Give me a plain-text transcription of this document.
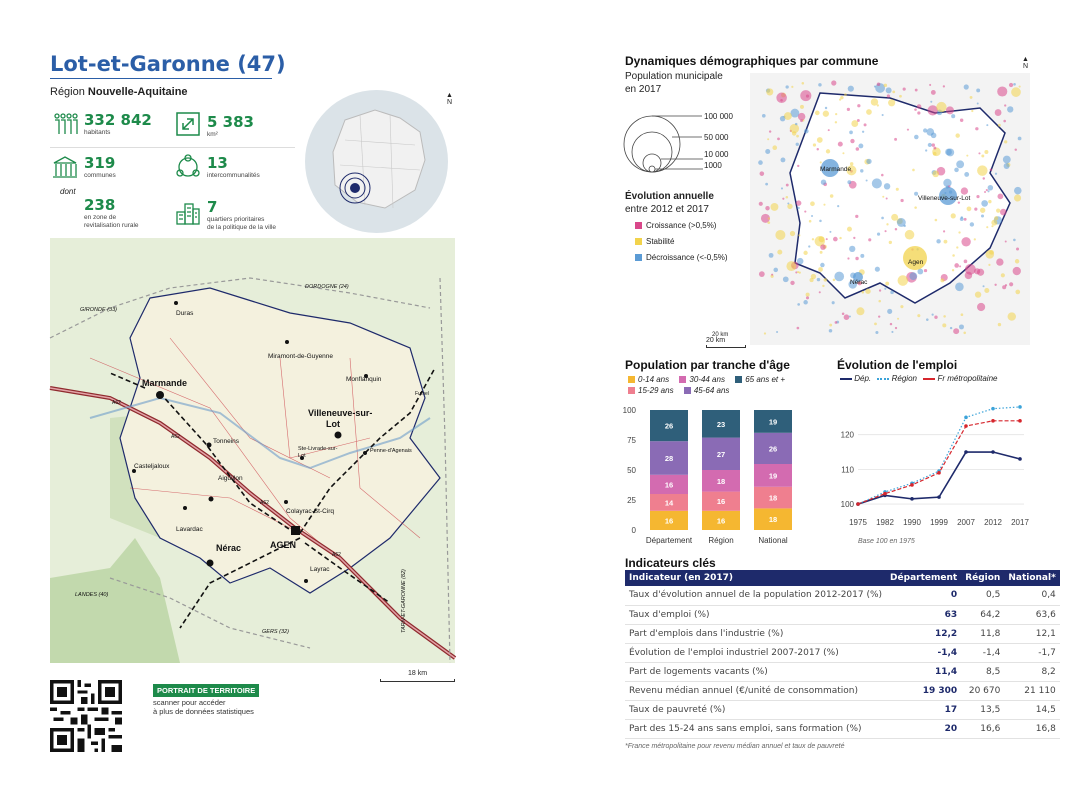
Lot-et-Garonne (47)
Région Nouvelle-Aquitaine
332 842
habitants
5 383
km²
319
communes
13
intercommunalités
dont
238
en zone de
revitalisation rurale
7
quartiers prioritaires
de la politique de la ville
▲
N
GIRONDE (33)
DORDOGNE (24)
LANDES (40)
GERS (32)	TARN-ET-GARONNE (82)
Duras
Miramont-de-Guyenne
Monflanquin
Marmande
Villeneuve-sur-
Lot
Tonneins
Ste-Livrade-sur-
Lot
Penne-d'Agenais
Casteljaloux
Aiguillon
Colayrac-St-Cirq
Lavardac
Nérac	AGEN
Layrac
Fumel
A62
A62
A62
A62
18 km
PORTRAIT DE TERRITOIRE
scanner pour accéder
à plus de données statistiques
Dynamiques démographiques par commune	▲
N
Population municipale
en 2017
100 000
50 000
10 000
1000
Évolution annuelle
entre 2012 et 2017
Croissance (>0,5%)
Stabilité
Décroissance (<-0,5%)
Marmande
Villeneuve-sur-Lot
Agen
Nérac
20 km
20 km
Population par tranche d'âge
0-14 ans
	30-44 ans
	65 ans et +

15-29 ans
	45-64 ans
0
25
50
75
100
16
14
16
28
26
Département
16
16
18
27
23
Région
18
18
19
26
19
National
Évolution de l'emploi
Dép.	Région	Fr métropolitaine
100
110
120
1975 1982 1990 1999 2007 2012 2017
Base 100 en 1975
Indicateurs clés
Indicateur (en 2017)	Département	Région	National*
Taux d'évolution annuel de la population 2012-2017 (%)	0	0,5	0,4
Taux d'emploi (%)	63	64,2	63,6
Part d'emplois dans l'industrie (%)	12,2	11,8	12,1
Évolution de l'emploi industriel 2007-2017 (%)	-1,4	-1,4	-1,7
Part de logements vacants (%)	11,4	8,5	8,2
Revenu médian annuel (€/unité de consommation)	19 300	20 670	21 110
Taux de pauvreté (%)	17	13,5	14,5
Part des 15-24 ans sans emploi, sans formation (%)	20	16,6	16,8
*France métropolitaine pour revenu médian annuel et taux de pauvreté
